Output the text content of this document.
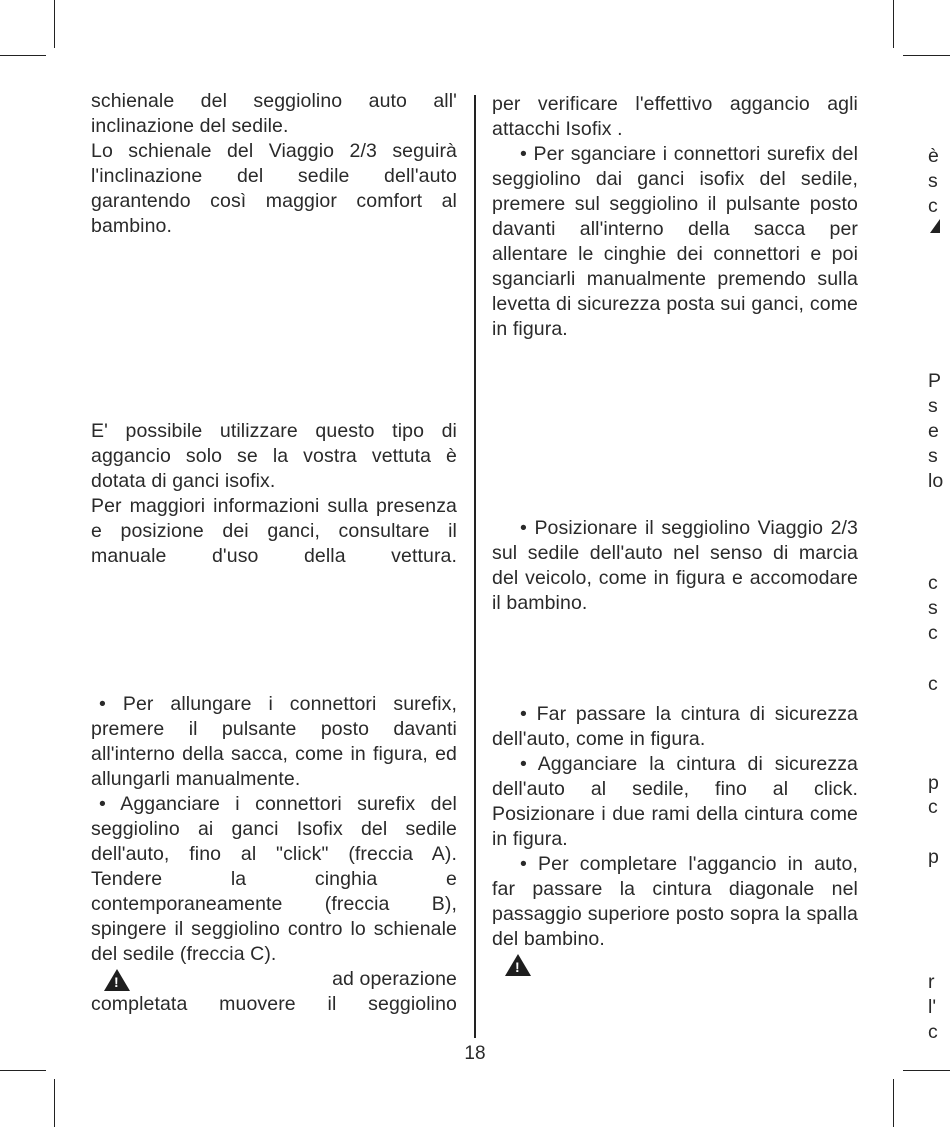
schienale del seggiolino auto all' inclinazione del sedile.

Lo schienale del Viaggio 2/3 seguirà l'inclinazione del sedile dell'auto garantendo così maggior comfort al bambino.

E' possibile utilizzare questo tipo di aggancio solo se la vostra vettuta è dotata di ganci isofix.

Per maggiori informazioni sulla presenza e posizione dei ganci, consultare il manuale d'uso della vettura.

• Per allungare i connettori surefix, premere il pulsante posto davanti all'interno della sacca, come in figura, ed allungarli manualmente.

• Agganciare i connettori surefix del seggiolino ai ganci Isofix del sedile dell'auto, fino al "click" (freccia A). Tendere la cinghia e contemporaneamente (freccia B), spingere il seggiolino contro lo schienale del sedile (freccia C).

!
ad operazione

completata muovere il seggiolino

per verificare l'effettivo aggancio agli attacchi Isofix .

• Per sganciare i connettori surefix del seggiolino dai ganci isofix del sedile, premere sul seggiolino il pulsante posto davanti all'interno della sacca per allentare le cinghie dei connettori e poi sganciarli manualmente premendo sulla levetta di sicurezza posta sui ganci, come in figura.

• Posizionare il seggiolino Viaggio 2/3 sul sedile dell'auto nel senso di marcia del veicolo, come in figura e accomodare il bambino.

• Far passare la cintura di sicurezza dell'auto, come in figura.

• Agganciare la cintura di sicurezza dell'auto al sedile, fino al click. Posizionare i due rami della cintura come in figura.

• Per completare l'aggancio in auto, far passare la cintura diagonale nel passaggio superiore posto sopra la spalla del bambino.

!

18
è
s
c
P
s
e
s
lo
c
s
c
c
p
c
p
r
l'
c
